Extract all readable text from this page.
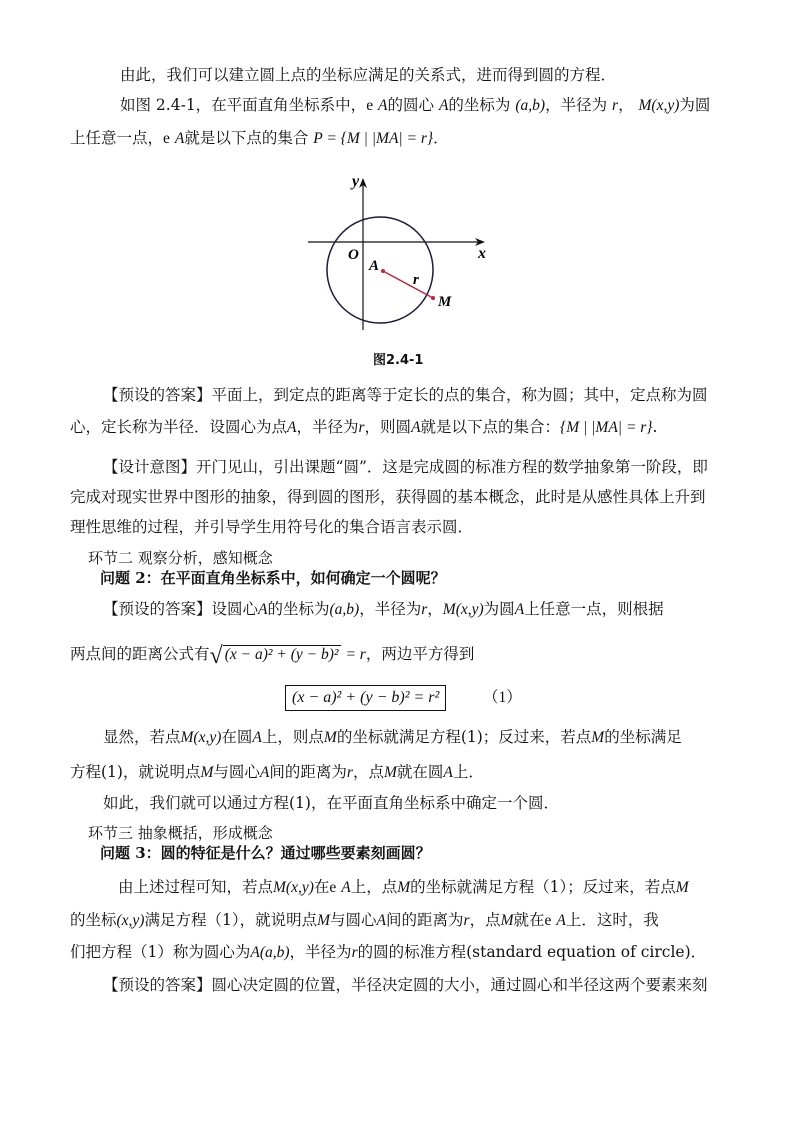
由此，我们可以建立圆上点的坐标应满足的关系式，进而得到圆的方程．
如图 2.4-1，在平面直角坐标系中，e A的圆心 A的坐标为 (a,b)，半径为 r， M(x,y)为圆
上任意一点，e A就是以下点的集合 P = {M | |MA| = r}．
y
x
O
A
r
M
图2.4-1
【预设的答案】平面上，到定点的距离等于定长的点的集合，称为圆；其中，定点称为圆
心，定长称为半径．设圆心为点A，半径为r，则圆A就是以下点的集合：{M | |MA| = r}.
【设计意图】开门见山，引出课题“圆”．这是完成圆的标准方程的数学抽象第一阶段，即
完成对现实世界中图形的抽象，得到圆的图形，获得圆的基本概念，此时是从感性具体上升到
理性思维的过程，并引导学生用符号化的集合语言表示圆．
环节二 观察分析，感知概念
问题 2：在平面直角坐标系中，如何确定一个圆呢？
【预设的答案】设圆心A的坐标为(a,b)，半径为r，M(x,y)为圆A上任意一点，则根据
两点间的距离公式有√ (x − a)² + (y − b)² = r，两边平方得到
(x − a)² + (y − b)² = r²	（1）
显然，若点M(x,y)在圆A上，则点M的坐标就满足方程(1)；反过来，若点M的坐标满足
方程(1)，就说明点M与圆心A间的距离为r，点M就在圆A上．
如此，我们就可以通过方程(1)，在平面直角坐标系中确定一个圆．
环节三 抽象概括，形成概念
问题 3：圆的特征是什么？通过哪些要素刻画圆？
由上述过程可知，若点M(x,y)在e A上，点M的坐标就满足方程（1）；反过来，若点M
的坐标(x,y)满足方程（1），就说明点M与圆心A间的距离为r，点M就在e A上．这时，我
们把方程（1）称为圆心为A(a,b)，半径为r的圆的标准方程(standard equation of circle)．
【预设的答案】圆心决定圆的位置，半径决定圆的大小，通过圆心和半径这两个要素来刻
